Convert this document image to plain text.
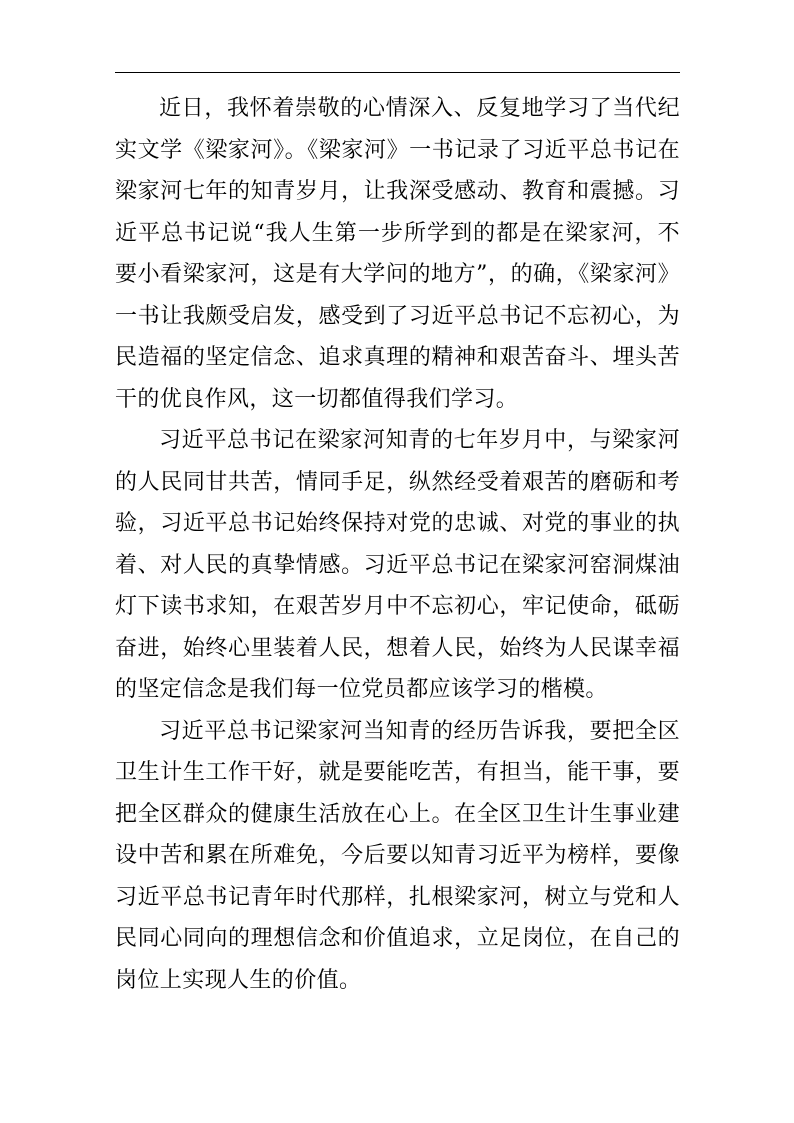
近日，我怀着崇敬的心情深入、反复地学习了当代纪实文学《梁家河》。《梁家河》一书记录了习近平总书记在梁家河七年的知青岁月，让我深受感动、教育和震撼。习近平总书记说“我人生第一步所学到的都是在梁家河，不要小看梁家河，这是有大学问的地方”，的确，《梁家河》一书让我颇受启发，感受到了习近平总书记不忘初心，为民造福的坚定信念、追求真理的精神和艰苦奋斗、埋头苦干的优良作风，这一切都值得我们学习。

习近平总书记在梁家河知青的七年岁月中，与梁家河的人民同甘共苦，情同手足，纵然经受着艰苦的磨砺和考验，习近平总书记始终保持对党的忠诚、对党的事业的执着、对人民的真挚情感。习近平总书记在梁家河窑洞煤油灯下读书求知，在艰苦岁月中不忘初心，牢记使命，砥砺奋进，始终心里装着人民，想着人民，始终为人民谋幸福的坚定信念是我们每一位党员都应该学习的楷模。

习近平总书记梁家河当知青的经历告诉我，要把全区卫生计生工作干好，就是要能吃苦，有担当，能干事，要把全区群众的健康生活放在心上。在全区卫生计生事业建设中苦和累在所难免，今后要以知青习近平为榜样，要像习近平总书记青年时代那样，扎根梁家河，树立与党和人民同心同向的理想信念和价值追求，立足岗位，在自己的岗位上实现人生的价值。
